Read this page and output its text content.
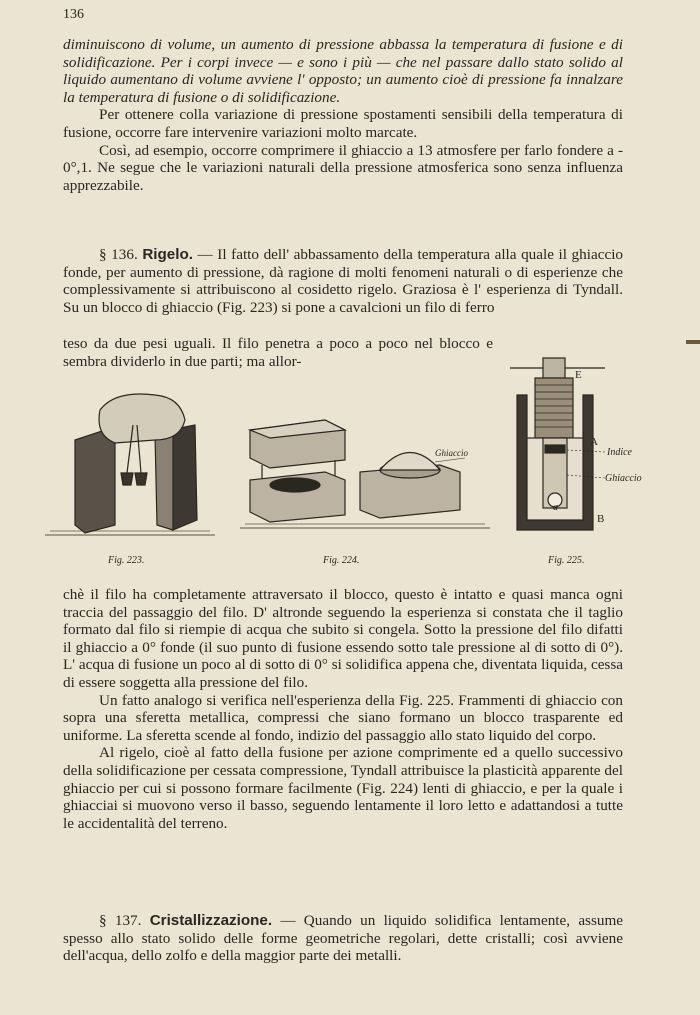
136

diminuiscono di volume, un aumento di pressione abbassa la temperatura di fusione e di solidificazione. Per i corpi invece — e sono i più — che nel passare dallo stato solido al liquido aumentano di volume avviene l' opposto; un aumento cioè di pressione fa innalzare la temperatura di fusione o di solidificazione.

Per ottenere colla variazione di pressione spostamenti sensibili della temperatura di fusione, occorre fare intervenire variazioni molto marcate.

Così, ad esempio, occorre comprimere il ghiaccio a 13 atmosfere per farlo fondere a - 0°,1. Ne segue che le variazioni naturali della pressione atmosferica sono senza influenza apprezzabile.

§ 136. Rigelo. — Il fatto dell' abbassamento della temperatura alla quale il ghiaccio fonde, per aumento di pressione, dà ragione di molti fenomeni naturali o di esperienze che complessivamente si attribuiscono al cosidetto rigelo. Graziosa è l' esperienza di Tyndall. Su un blocco di ghiaccio (Fig. 223) si pone a cavalcioni un filo di ferro

teso da due pesi uguali. Il filo penetra a poco a poco nel blocco e sembra dividerlo in due parti; ma allor-

Fig. 223.
Ghiaccio
Fig. 224.
E
A
Indice
Ghiaccio
a
B
Fig. 225.

chè il filo ha completamente attraversato il blocco, questo è intatto e quasi manca ogni traccia del passaggio del filo. D' altronde seguendo la esperienza si constata che il taglio formato dal filo si riempie di acqua che subito si congela. Sotto la pressione del filo difatti il ghiaccio a 0° fonde (il suo punto di fusione essendo sotto tale pressione al di sotto di 0°). L' acqua di fusione un poco al di sotto di 0° si solidifica appena che, diventata liquida, cessa di essere soggetta alla pressione del filo.

Un fatto analogo si verifica nell'esperienza della Fig. 225. Frammenti di ghiaccio con sopra una sferetta metallica, compressi che siano formano un blocco trasparente ed uniforme. La sferetta scende al fondo, indizio del passaggio allo stato liquido del corpo.

Al rigelo, cioè al fatto della fusione per azione comprimente ed a quello successivo della solidificazione per cessata compressione, Tyndall attribuisce la plasticità apparente del ghiaccio per cui si possono formare facilmente (Fig. 224) lenti di ghiaccio, e per la quale i ghiacciai si muovono verso il basso, seguendo lentamente il loro letto e adattandosi a tutte le accidentalità del terreno.

§ 137. Cristallizzazione. — Quando un liquido solidifica lentamente, assume spesso allo stato solido delle forme geometriche regolari, dette cristalli; così avviene dell'acqua, dello zolfo e della maggior parte dei metalli.
